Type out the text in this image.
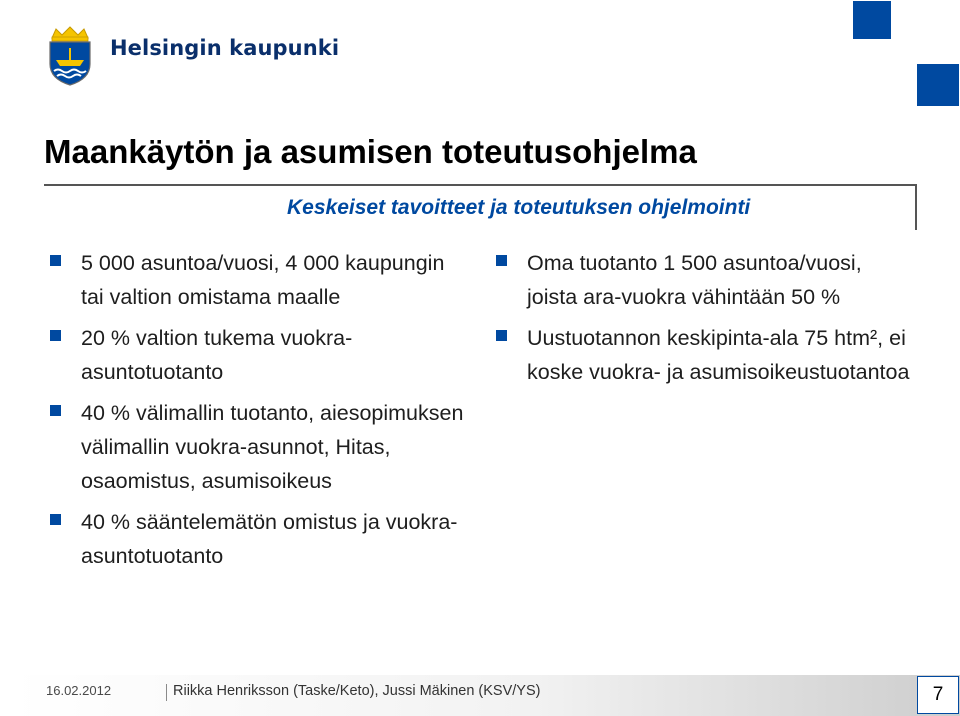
Helsingin kaupunki
Maankäytön ja asumisen toteutusohjelma
Keskeiset tavoitteet ja toteutuksen ohjelmointi
5 000 asuntoa/vuosi, 4 000 kaupungin tai valtion omistama maalle
20 % valtion tukema vuokra-asuntotuotanto
40 % välimallin tuotanto, aiesopimuksen välimallin vuokra-asunnot, Hitas, osaomistus, asumisoikeus
40 % sääntelemätön omistus ja vuokra-asuntotuotanto
Oma tuotanto 1 500 asuntoa/vuosi, joista ara-vuokra vähintään 50 %
Uustuotannon keskipinta-ala 75 htm², ei koske vuokra- ja asumisoikeustuotantoa
16.02.2012	Riikka Henriksson (Taske/Keto), Jussi Mäkinen (KSV/YS)	7
